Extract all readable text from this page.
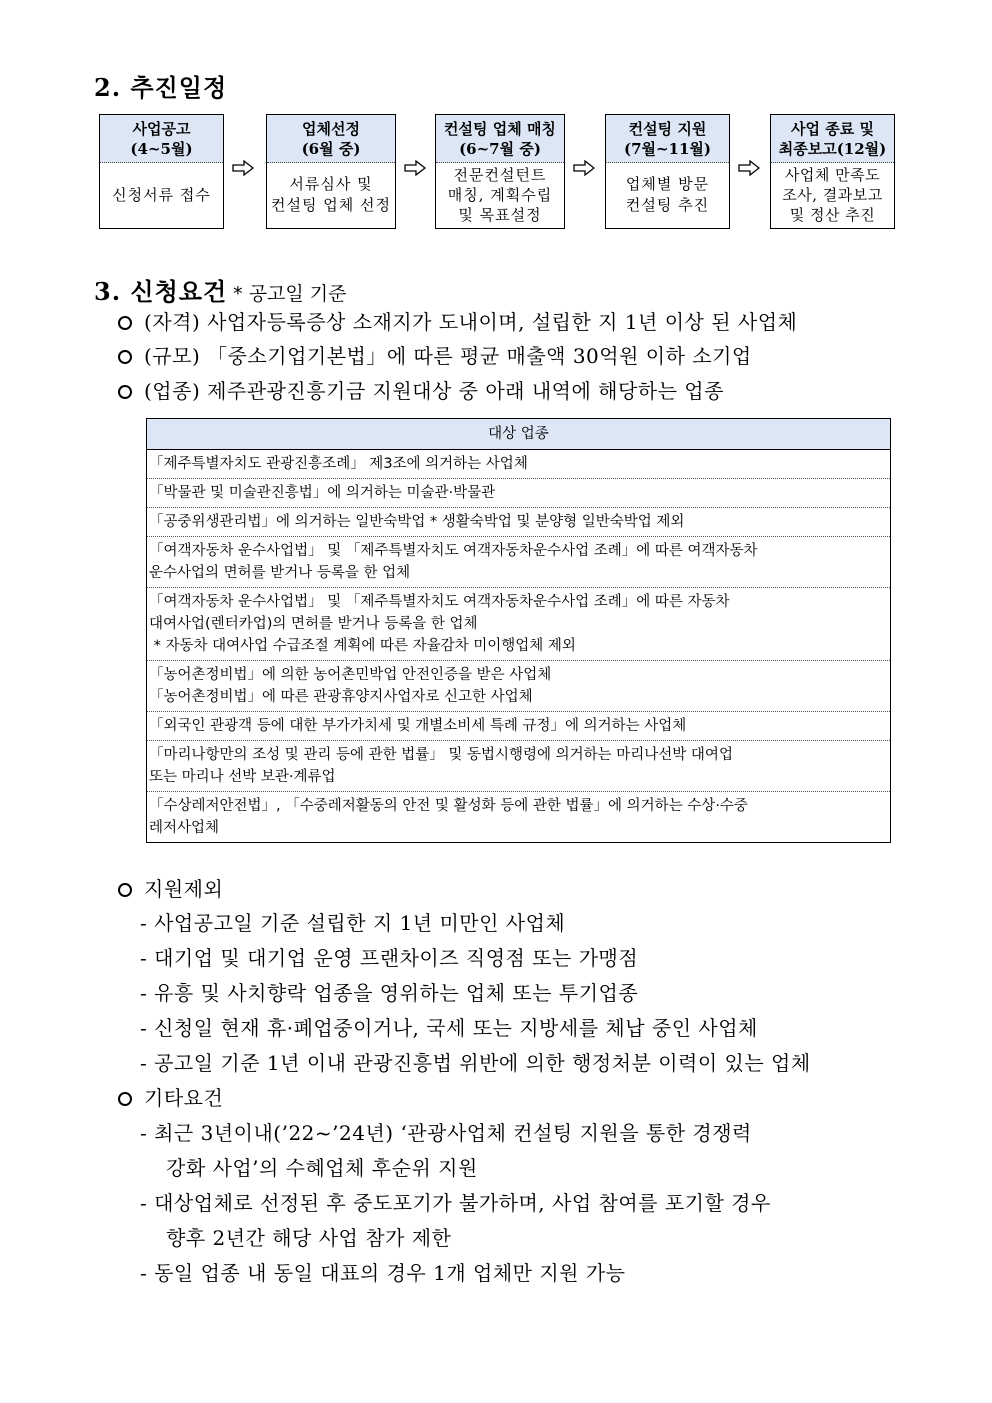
2. 추진일정
사업공고
(4~5월)
신청서류 접수
업체선정
(6월 중)
서류심사 및
컨설팅 업체 선정
컨설팅 업체 매칭
(6~7월 중)
전문컨설턴트
매칭, 계획수립
및 목표설정
컨설팅 지원
(7월~11월)
업체별 방문
컨설팅 추진
사업 종료 및
최종보고(12월)
사업체 만족도
조사, 결과보고
및 정산 추진
3. 신청요건 * 공고일 기준
(자격) 사업자등록증상 소재지가 도내이며, 설립한 지 1년 이상 된 사업체
(규모) 「중소기업기본법」에 따른 평균 매출액 30억원 이하 소기업
(업종) 제주관광진흥기금 지원대상 중 아래 내역에 해당하는 업종
대상 업종
「제주특별자치도 관광진흥조례」 제3조에 의거하는 사업체
「박물관 및 미술관진흥법」에 의거하는 미술관·박물관
「공중위생관리법」에 의거하는 일반숙박업 * 생활숙박업 및 분양형 일반숙박업 제외
「여객자동차 운수사업법」 및 「제주특별자치도 여객자동차운수사업 조례」에 따른 여객자동차
운수사업의 면허를 받거나 등록을 한 업체
「여객자동차 운수사업법」 및 「제주특별자치도 여객자동차운수사업 조례」에 따른 자동차
대여사업(렌터카업)의 면허를 받거나 등록을 한 업체
* 자동차 대여사업 수급조절 계획에 따른 자율감차 미이행업체 제외
「농어촌정비법」에 의한 농어촌민박업 안전인증을 받은 사업체
「농어촌정비법」에 따른 관광휴양지사업자로 신고한 사업체
「외국인 관광객 등에 대한 부가가치세 및 개별소비세 특례 규정」에 의거하는 사업체
「마리나항만의 조성 및 관리 등에 관한 법률」 및 동법시행령에 의거하는 마리나선박 대여업
또는 마리나 선박 보관·계류업
「수상레저안전법」, 「수중레저활동의 안전 및 활성화 등에 관한 법률」에 의거하는 수상·수중
레저사업체
지원제외
- 사업공고일 기준 설립한 지 1년 미만인 사업체
- 대기업 및 대기업 운영 프랜차이즈 직영점 또는 가맹점
- 유흥 및 사치향락 업종을 영위하는 업체 또는 투기업종
- 신청일 현재 휴·폐업중이거나, 국세 또는 지방세를 체납 중인 사업체
- 공고일 기준 1년 이내 관광진흥법 위반에 의한 행정처분 이력이 있는 업체
기타요건
- 최근 3년이내(’22~’24년) ‘관광사업체 컨설팅 지원을 통한 경쟁력
강화 사업’의 수혜업체 후순위 지원
- 대상업체로 선정된 후 중도포기가 불가하며, 사업 참여를 포기할 경우
향후 2년간 해당 사업 참가 제한
- 동일 업종 내 동일 대표의 경우 1개 업체만 지원 가능
